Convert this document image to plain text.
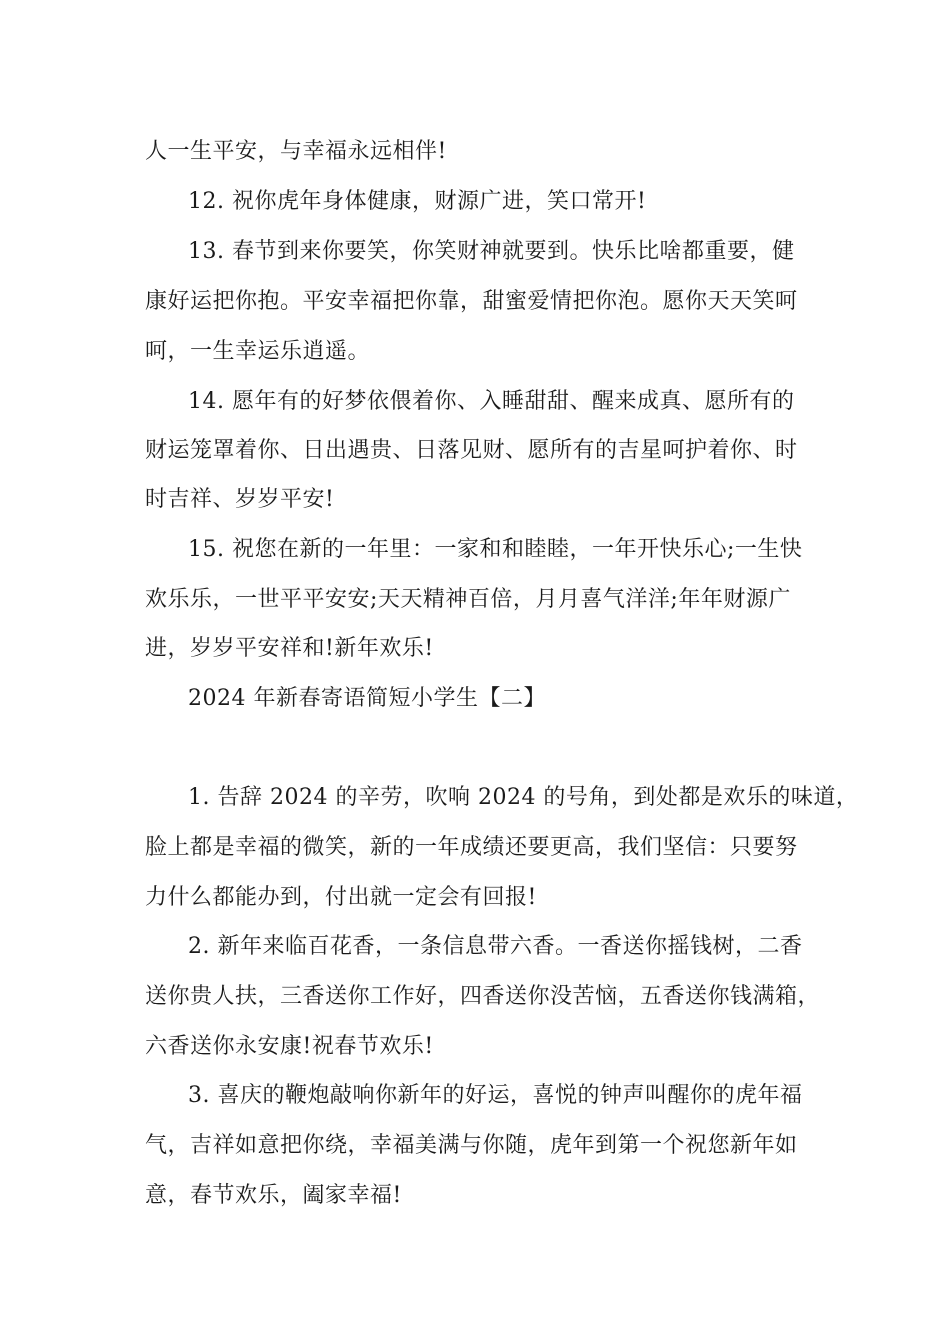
人一生平安，与幸福永远相伴!
12. 祝你虎年身体健康，财源广进，笑口常开!
13. 春节到来你要笑，你笑财神就要到。快乐比啥都重要，健
康好运把你抱。平安幸福把你靠，甜蜜爱情把你泡。愿你天天笑呵
呵，一生幸运乐逍遥。
14. 愿年有的好梦依偎着你、入睡甜甜、醒来成真、愿所有的
财运笼罩着你、日出遇贵、日落见财、愿所有的吉星呵护着你、时
时吉祥、岁岁平安!
15. 祝您在新的一年里：一家和和睦睦，一年开快乐心;一生快
欢乐乐，一世平平安安;天天精神百倍，月月喜气洋洋;年年财源广
进，岁岁平安祥和!新年欢乐!
2024 年新春寄语简短小学生【二】
1. 告辞 2024 的辛劳，吹响 2024 的号角，到处都是欢乐的味道，
脸上都是幸福的微笑，新的一年成绩还要更高，我们坚信：只要努
力什么都能办到，付出就一定会有回报!
2. 新年来临百花香，一条信息带六香。一香送你摇钱树，二香
送你贵人扶，三香送你工作好，四香送你没苦恼，五香送你钱满箱，
六香送你永安康!祝春节欢乐!
3. 喜庆的鞭炮敲响你新年的好运，喜悦的钟声叫醒你的虎年福
气，吉祥如意把你绕，幸福美满与你随，虎年到第一个祝您新年如
意，春节欢乐，阖家幸福!
